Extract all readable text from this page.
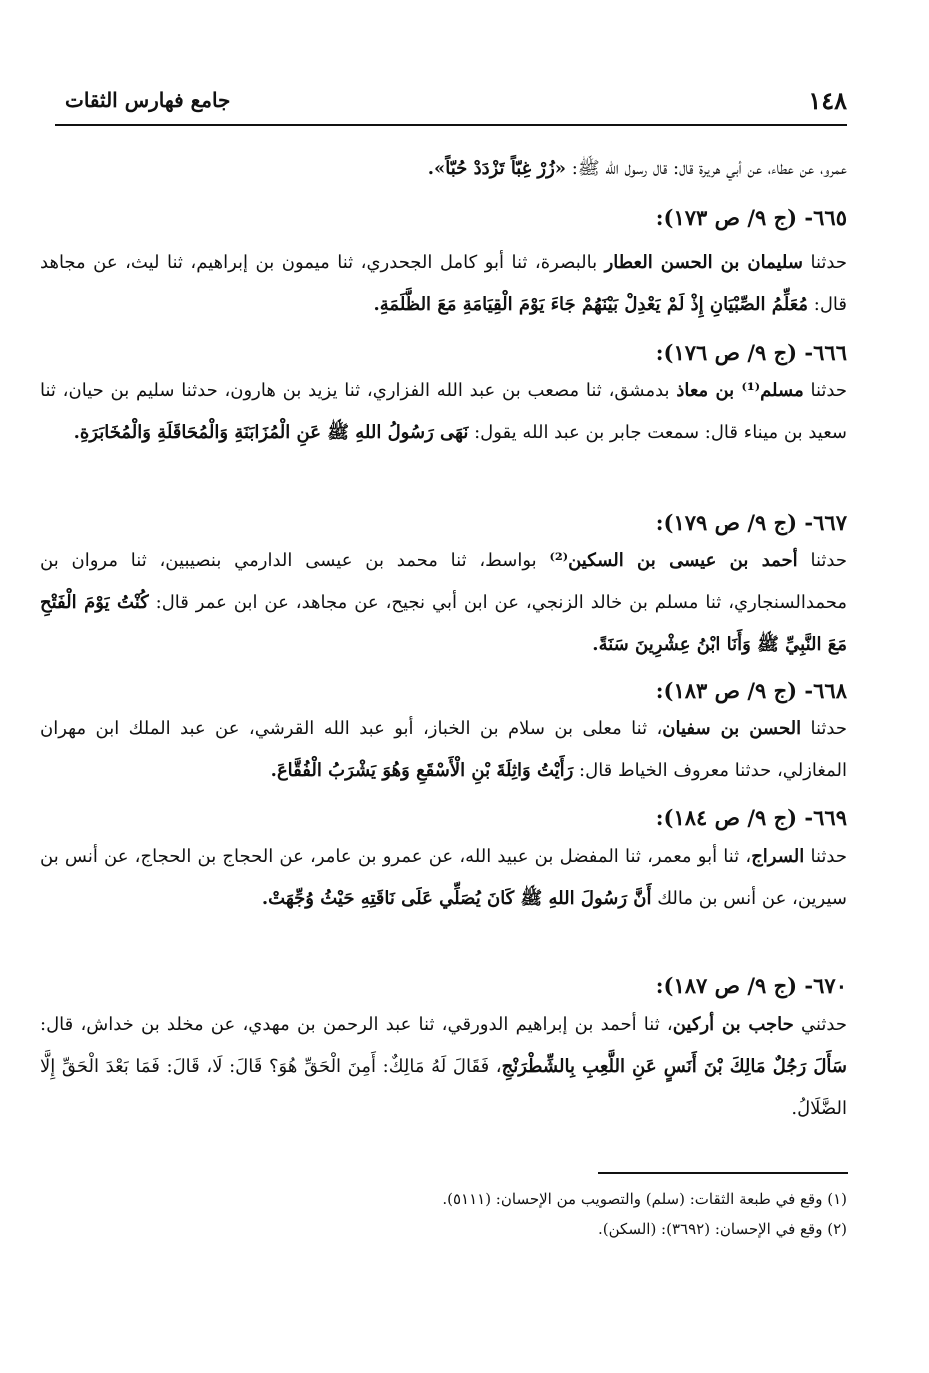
١٤٨
جامع فهارس الثقات

عمرو، عن عطاء، عن أبي هريرة قال: قال رسول الله ﷺ: «زُرْ غِبّاً تَزْدَدْ حُبّاً».

٦٦٥- (ج ٩/ ص ١٧٣):

حدثنا سليمان بن الحسن العطار بالبصرة، ثنا أبو كامل الجحدري، ثنا ميمون بن إبراهيم، ثنا ليث، عن مجاهد قال: مُعَلِّمُ الصِّبْيَانِ إِذْ لَمْ يَعْدِلْ بَيْنَهُمْ جَاءَ يَوْمَ الْقِيَامَةِ مَعَ الظَّلَمَةِ.

٦٦٦- (ج ٩/ ص ١٧٦):

حدثنا مسلم⁽¹⁾ بن معاذ بدمشق، ثنا مصعب بن عبد الله الفزاري، ثنا يزيد بن هارون، حدثنا سليم بن حيان، ثنا سعيد بن ميناء قال: سمعت جابر بن عبد الله يقول: نَهَى رَسُولُ اللهِ ﷺ عَنِ الْمُزَابَنَةِ وَالْمُحَاقَلَةِ وَالْمُخَابَرَةِ.

٦٦٧- (ج ٩/ ص ١٧٩):

حدثنا أحمد بن عيسى بن السكين⁽²⁾ بواسط، ثنا محمد بن عيسى الدارمي بنصيبين، ثنا مروان بن محمدالسنجاري، ثنا مسلم بن خالد الزنجي، عن ابن أبي نجيح، عن مجاهد، عن ابن عمر قال: كُنْتُ يَوْمَ الْفَتْحِ مَعَ النَّبِيِّ ﷺ وَأَنَا ابْنُ عِشْرِينَ سَنَةً.

٦٦٨- (ج ٩/ ص ١٨٣):

حدثنا الحسن بن سفيان، ثنا معلى بن سلام بن الخباز، أبو عبد الله القرشي، عن عبد الملك ابن مهران المغازلي، حدثنا معروف الخياط قال: رَأَيْتُ وَاثِلَةَ بْنِ الْأَسْقَعِ وَهُوَ يَشْرَبُ الْفُقَّاعَ.

٦٦٩- (ج ٩/ ص ١٨٤):

حدثنا السراج، ثنا أبو معمر، ثنا المفضل بن عبيد الله، عن عمرو بن عامر، عن الحجاج بن الحجاج، عن أنس بن سيرين، عن أنس بن مالك أَنَّ رَسُولَ اللهِ ﷺ كَانَ يُصَلِّي عَلَى نَاقَتِهِ حَيْثُ وُجِّهَتْ.

٦٧٠- (ج ٩/ ص ١٨٧):

حدثني حاجب بن أركين، ثنا أحمد بن إبراهيم الدورقي، ثنا عبد الرحمن بن مهدي، عن مخلد بن خداش، قال: سَأَلَ رَجُلٌ مَالِكَ بْنَ أَنَسٍ عَنِ اللَّعِبِ بِالشِّطْرَنْجِ، فَقَالَ لَهُ مَالِكٌ: أَمِنَ الْحَقِّ هُوَ؟ قَالَ: لَا، قَالَ: فَمَا بَعْدَ الْحَقِّ إِلَّا الضَّلَالُ.

(١) وقع في طبعة الثقات: (سلم) والتصويب من الإحسان: (٥١١١).

(٢) وقع في الإحسان: (٣٦٩٢): (السكن).
